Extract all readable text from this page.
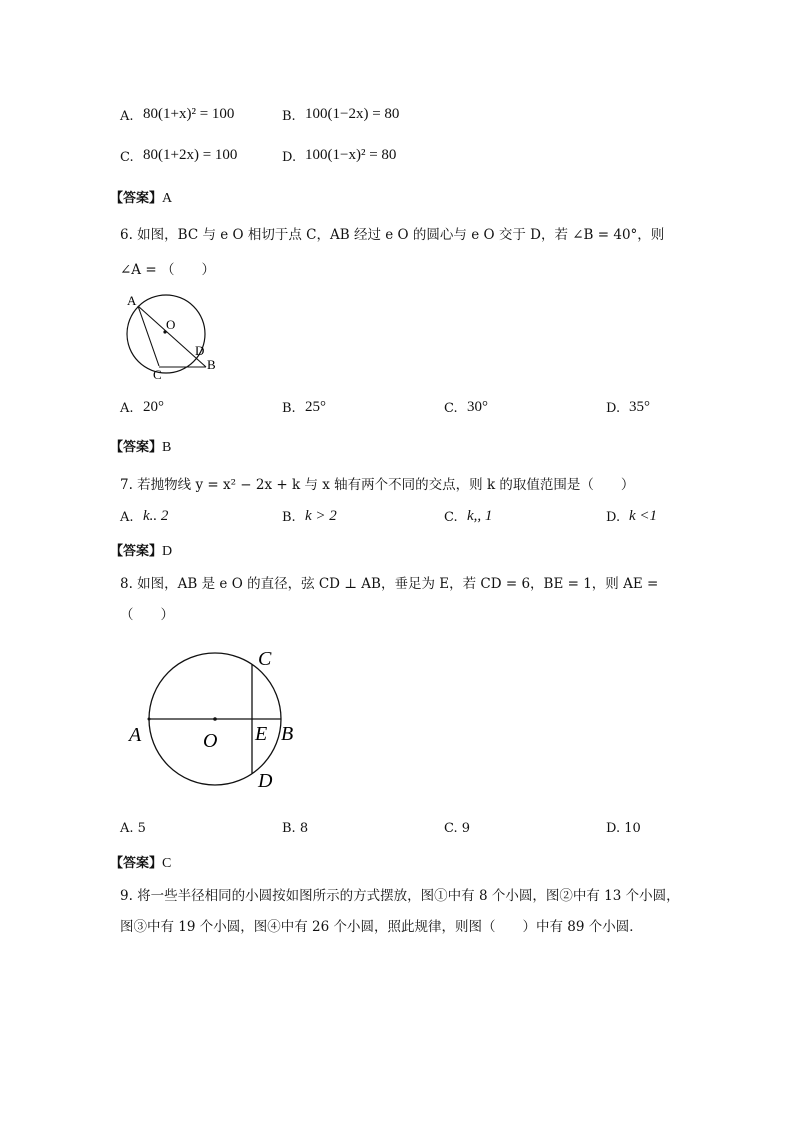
A. 80(1+x)² = 100	B. 100(1−2x) = 80
C. 80(1+2x) = 100	D. 100(1−x)² = 80
【答案】A
6. 如图，BC 与 e O 相切于点 C，AB 经过 e O 的圆心与 e O 交于 D，若 ∠B = 40°，则
∠A = （　　）
A
O
D
B
C
A. 20°	B. 25°	C. 30°	D. 35°
【答案】B
7. 若抛物线 y = x² − 2x + k 与 x 轴有两个不同的交点，则 k 的取值范围是（　　）
A. k.. 2	B. k > 2	C. k,, 1	D. k <1
【答案】D
8. 如图，AB 是 e O 的直径，弦 CD ⊥ AB，垂足为 E，若 CD = 6，BE = 1，则 AE =
（　　）
A	O E B
C
D
A. 5	B. 8	C. 9	D. 10
【答案】C
9. 将一些半径相同的小圆按如图所示的方式摆放，图①中有 8 个小圆，图②中有 13 个小圆，
图③中有 19 个小圆，图④中有 26 个小圆，照此规律，则图（　　）中有 89 个小圆．
